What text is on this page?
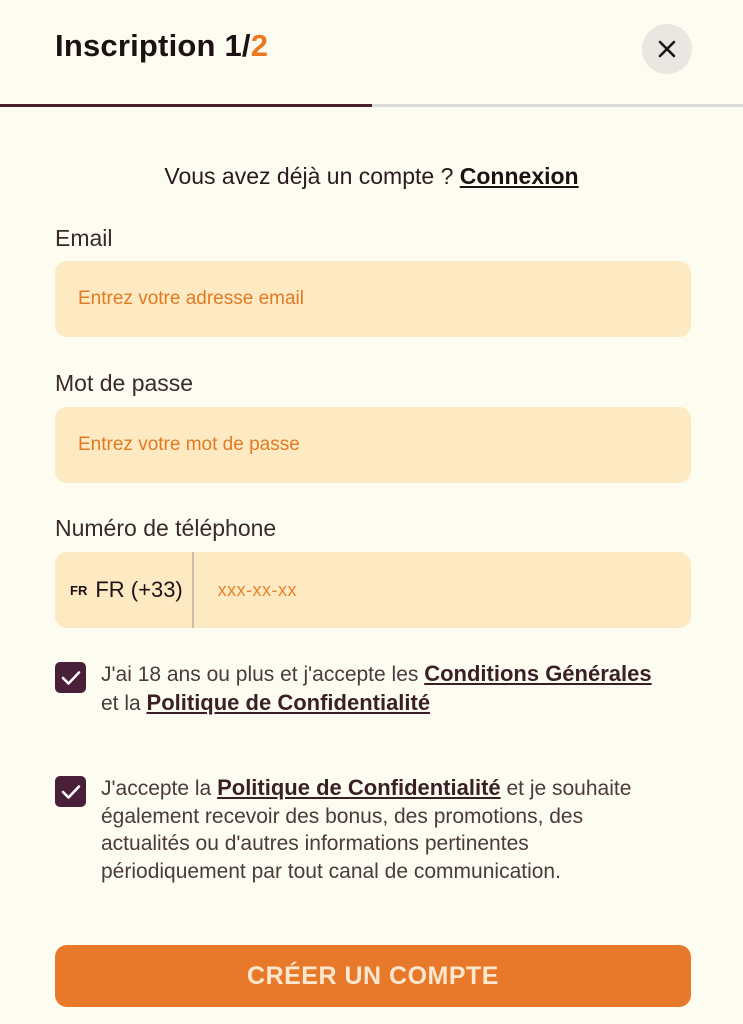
Inscription 1/2
Vous avez déjà un compte ? Connexion
Email
Entrez votre adresse email
Mot de passe
Numéro de téléphone
FR FR (+33)
xxx-xx-xx
J'ai 18 ans ou plus et j'accepte les Conditions Générales et la Politique de Confidentialité
J'accepte la Politique de Confidentialité et je souhaite également recevoir des bonus, des promotions, des actualités ou d'autres informations pertinentes périodiquement par tout canal de communication.
CRÉER UN COMPTE
